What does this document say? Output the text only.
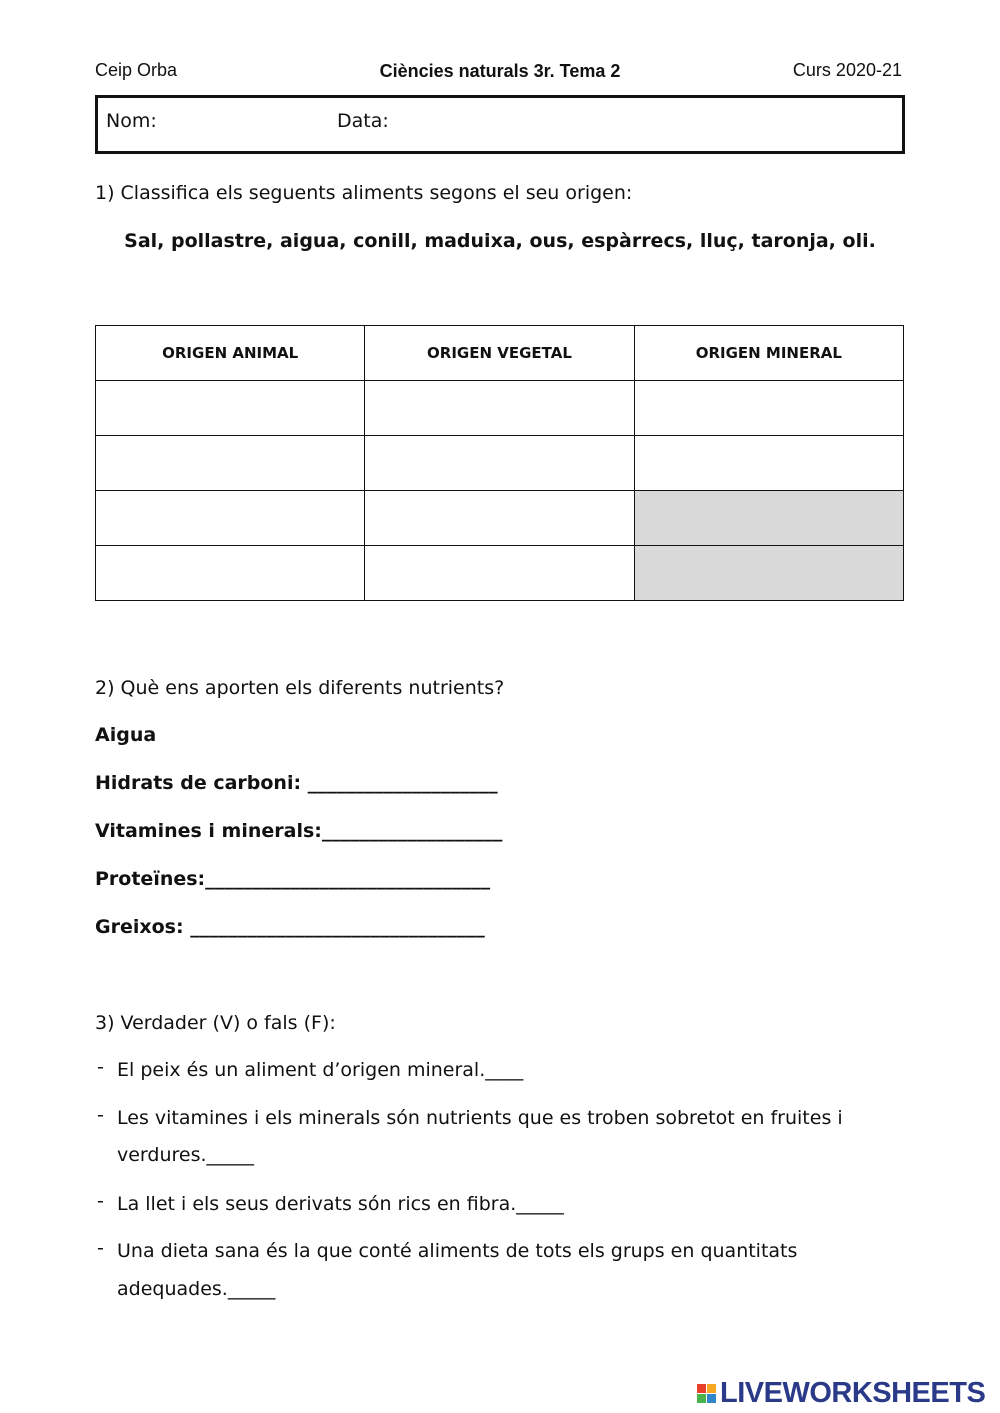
Ceip Orba	Ciències naturals 3r. Tema 2	Curs 2020-21
Nom:	Data:
1) Classifica els seguents aliments segons el seu origen:
Sal, pollastre, aigua, conill, maduixa, ous, espàrrecs, lluç, taronja, oli.
ORIGEN ANIMAL	ORIGEN VEGETAL	ORIGEN MINERAL

2) Què ens aporten els diferents nutrients?
Aigua
Hidrats de carboni: ____________________
Vitamines i minerals:___________________
Proteïnes:______________________________
Greixos: _______________________________
3) Verdader (V) o fals (F):
- El peix és un aliment d’origen mineral.____
- Les vitamines i els minerals són nutrients que es troben sobretot en fruites i
verdures._____
- La llet i els seus derivats són rics en fibra._____
- Una dieta sana és la que conté aliments de tots els grups en quantitats
adequades._____
LIVEWORKSHEETS
